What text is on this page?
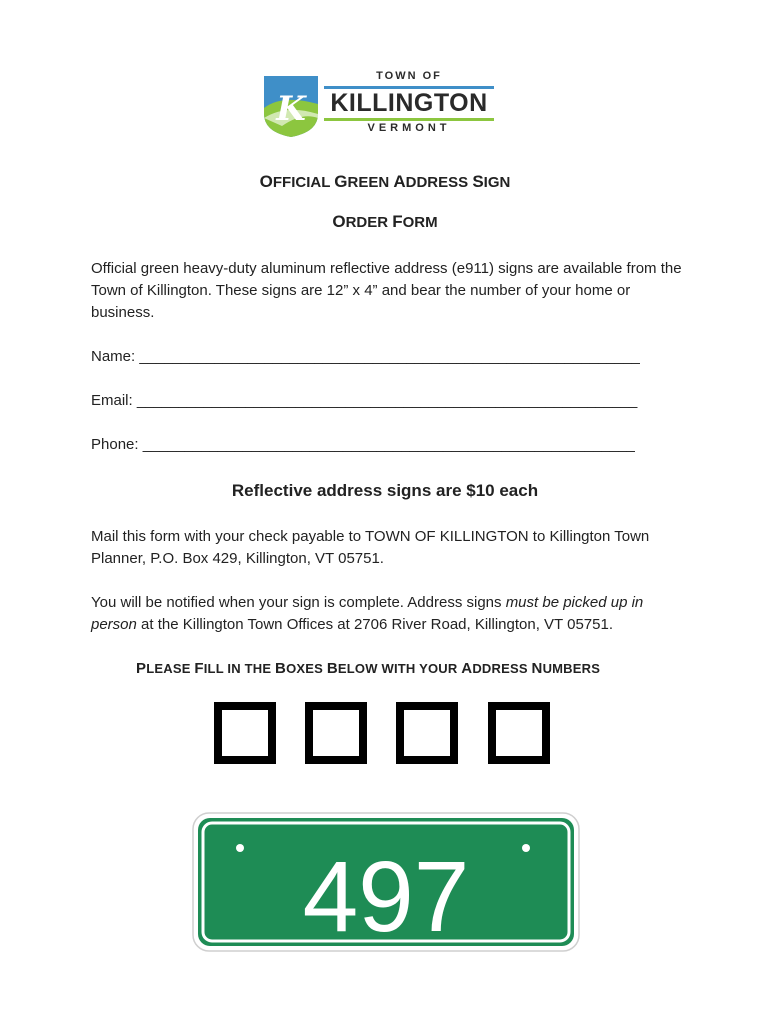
K
TOWN OF
KILLINGTON
VERMONT
OFFICIAL GREEN ADDRESS SIGN
ORDER FORM
Official green heavy-duty aluminum reflective address (e911) signs are available from the Town of Killington. These signs are 12” x 4” and bear the number of your home or business.
Name: ____________________________________________________________
Email: ____________________________________________________________
Phone: ___________________________________________________________
Reflective address signs are $10 each
Mail this form with your check payable to TOWN OF KILLINGTON to Killington Town Planner, P.O. Box 429, Killington, VT 05751.
You will be notified when your sign is complete. Address signs must be picked up in person at the Killington Town Offices at 2706 River Road, Killington, VT 05751.
PLEASE FILL IN THE BOXES BELOW WITH YOUR ADDRESS NUMBERS
497
